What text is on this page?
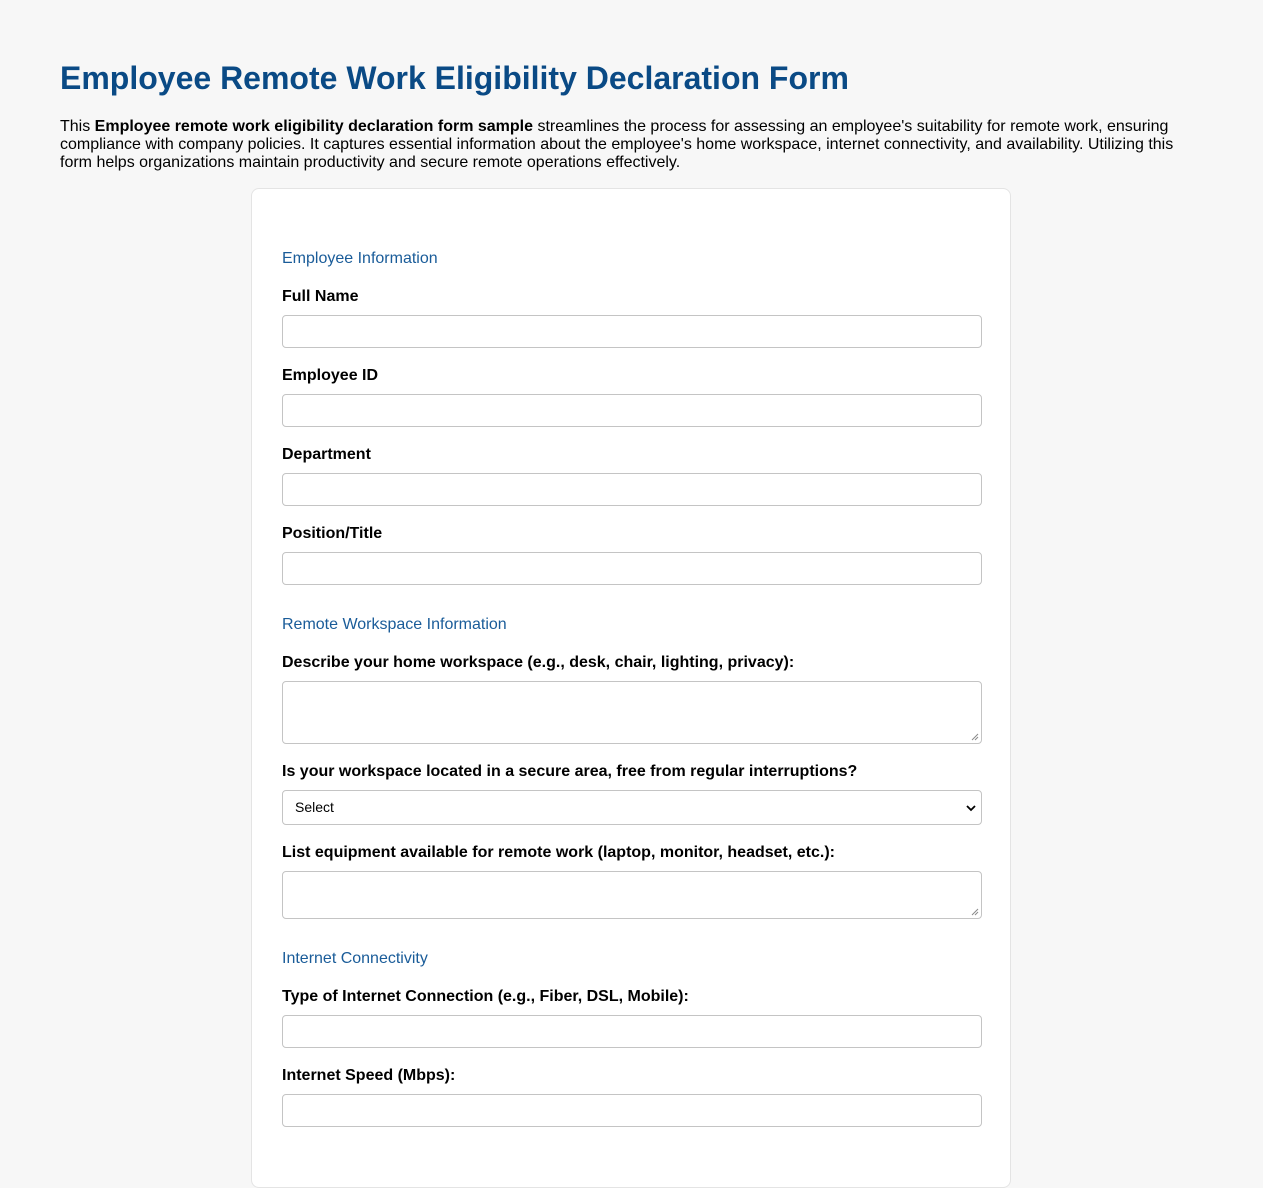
Employee Remote Work Eligibility Declaration Form

This Employee remote work eligibility declaration form sample streamlines the process for assessing an employee's suitability for remote work, ensuring compliance with company policies. It captures essential information about the employee's home workspace, internet connectivity, and availability. Utilizing this form helps organizations maintain productivity and secure remote operations effectively.

Employee Information
Full Name
Employee ID
Department
Position/Title
Remote Workspace Information
Describe your home workspace (e.g., desk, chair, lighting, privacy):
Is your workspace located in a secure area, free from regular interruptions?
Select
List equipment available for remote work (laptop, monitor, headset, etc.):
Internet Connectivity
Type of Internet Connection (e.g., Fiber, DSL, Mobile):
Internet Speed (Mbps):
